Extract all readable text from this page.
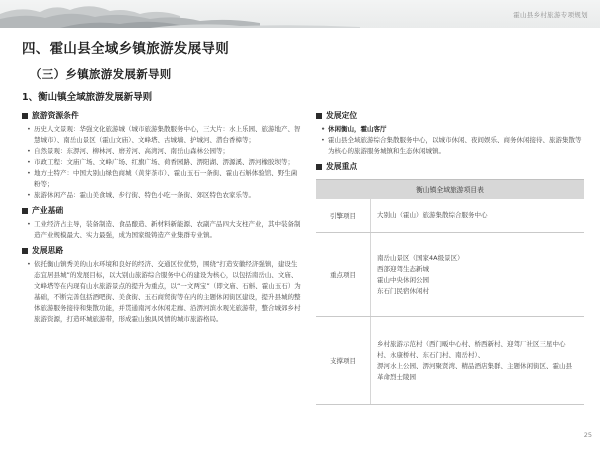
霍山县乡村旅游专项规划
四、霍山县全域乡镇旅游发展导则
（三）乡镇旅游发展新导则
1、衡山镇全域旅游发展新导则
旅游资源条件
• 历史人文景观：华强文化旅游城（城市旅游集散服务中心，三大片：水上乐园、旅游地产、智慧城市）、南岳山景区（霍山文庙）、文峰塔、古城墙、护城河、潜台香樟等；
• 自然景观：东淠河、柳林河、磨芳河、高湾河、南岳山森林公园等；
• 市政工程：文庙广场、文峰广场、红旗广场、荷香园路、淠阳湖、淠源溪、淠河橡胶坝等；
• 地方土特产：中国大别山绿色商城（黄芽茶市）、霍山玉石一条街、霍山石斛体验馆、野生菌粉等；
• 旅游休闲产品：霍山美食城、步行街、特色小吃一条街、郊区特色农家乐等。
产业基础
• 工业经济占主导，装备制造、食品酿造、新材料新能源、农副产品四大支柱产业，其中装备制造产业规模最大、实力最强，成为国家级铸造产业集群专业镇。
发展思路
• 依托衡山镇秀美的山水环境和良好的经济、交通区位优势，围绕“打造安徽经济强镇，建设生态宜居县城”的发展目标，以大别山旅游综合服务中心的建设为核心，以包括南岳山、文庙、文峰塔等在内现有山水旅游景点的提升为重点，以“一文两宝”（即文庙、石斛、霍山玉石）为基础，不断完善包括酒吧街、美食街、玉石商贸街等在内的主题休闲街区建设，提升县城的整体旅游服务接待和集散功能，并贯通南河水休闲走廊、沿淠河滨水观光旅游带，整合城郊乡村旅游资源，打造环城旅游带，形成霍山独具风情的城市旅游格局。
发展定位
• 休闲衡山，霍山客厅
• 霍山县全域旅游综合集散服务中心，以城市休闲、夜间娱乐、商务休闲接待、旅游集散等为核心的旅游服务城镇和生态休闲城镇。
发展重点
衡山镇全域旅游项目表
引擎项目	大别山（霍山）旅游集散综合服务中心
重点项目
南岳山景区（国家4A级景区）
西部迎驾生态新城
霍山中央休闲公园
东石门民宿休闲村
支撑项目
乡村旅游示范村（西门畈中心村、桥西新村、迎驾厂社区三星中心村、永康桥村、东石门村、南岳村）、
淠河水上公园、淠河聚贤湾、精品酒店集群、主题休闲街区、霍山县革命烈士陵园
25
